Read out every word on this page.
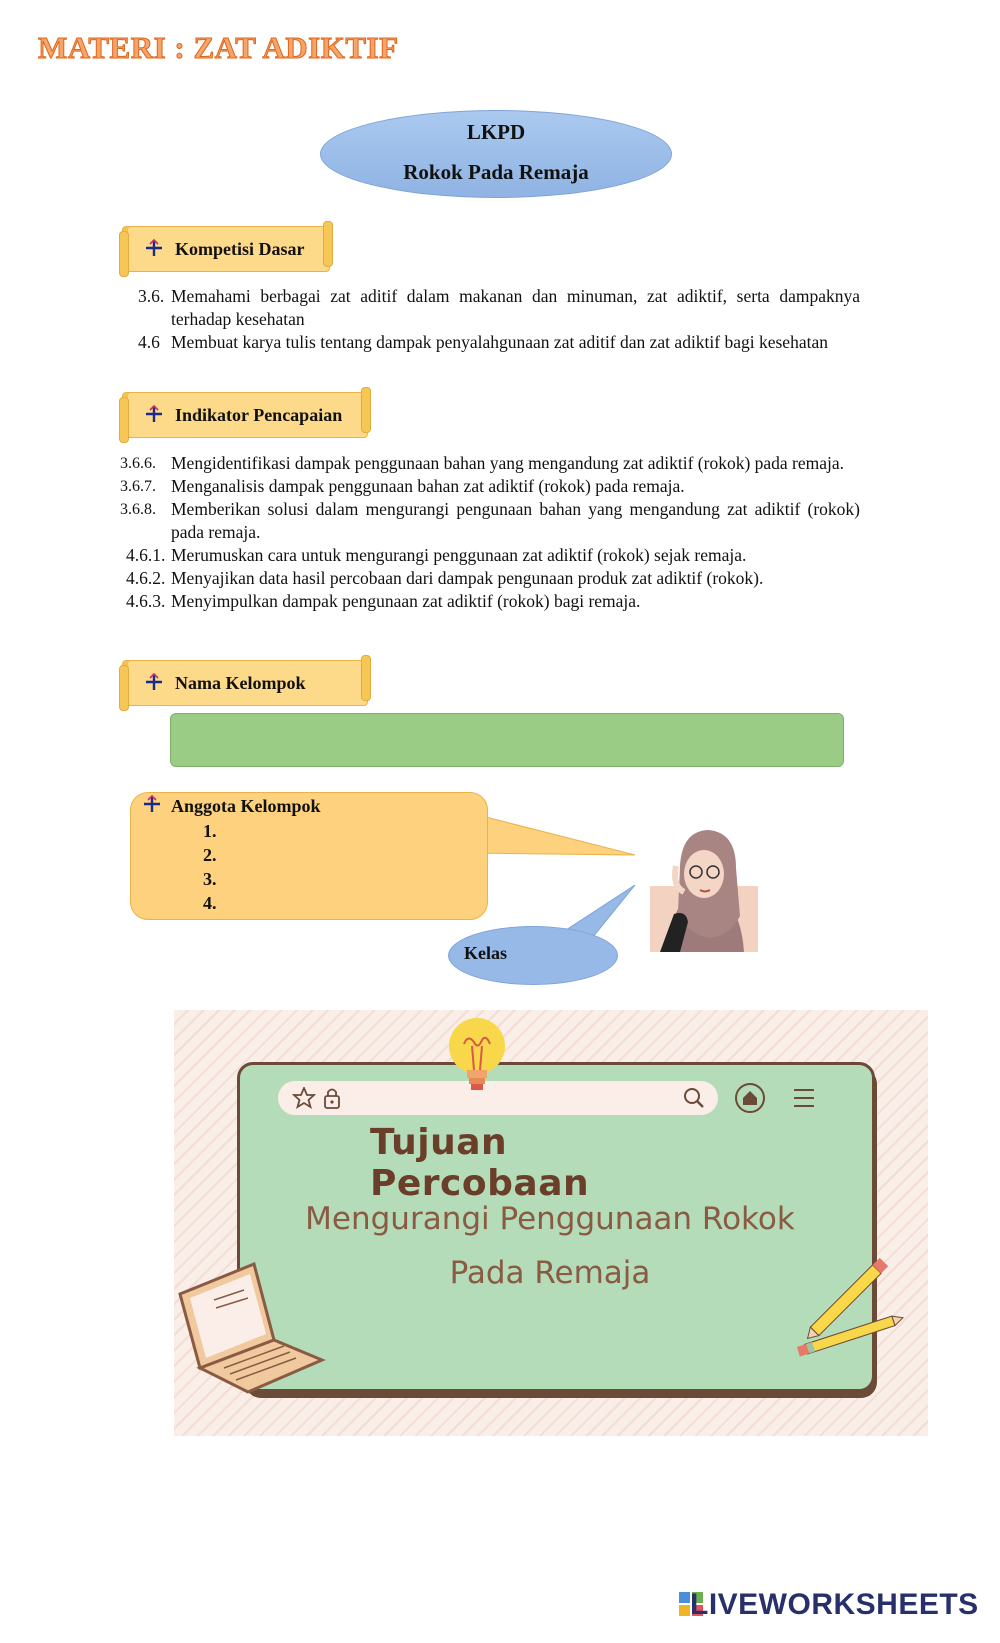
MATERI : ZAT ADIKTIF
LKPD
Rokok Pada Remaja
Kompetisi Dasar
3.6. Memahami berbagai zat aditif dalam makanan dan minuman, zat adiktif, serta dampaknya terhadap kesehatan
4.6 Membuat karya tulis tentang dampak penyalahgunaan zat aditif dan zat adiktif bagi kesehatan
Indikator Pencapaian
3.6.6. Mengidentifikasi dampak penggunaan bahan yang mengandung zat adiktif (rokok) pada remaja.
3.6.7. Menganalisis dampak penggunaan bahan zat adiktif (rokok) pada remaja.
3.6.8. Memberikan solusi dalam mengurangi pengunaan bahan yang mengandung zat adiktif (rokok) pada remaja.
4.6.1. Merumuskan cara untuk mengurangi penggunaan zat adiktif (rokok) sejak remaja.
4.6.2. Menyajikan data hasil percobaan dari dampak pengunaan produk zat adiktif (rokok).
4.6.3. Menyimpulkan dampak pengunaan zat adiktif (rokok) bagi remaja.
Nama Kelompok
Anggota Kelompok
1.
2.
3.
4.
Kelas
Tujuan Percobaan
Mengurangi Penggunaan Rokok
Pada Remaja
LIVEWORKSHEETS
